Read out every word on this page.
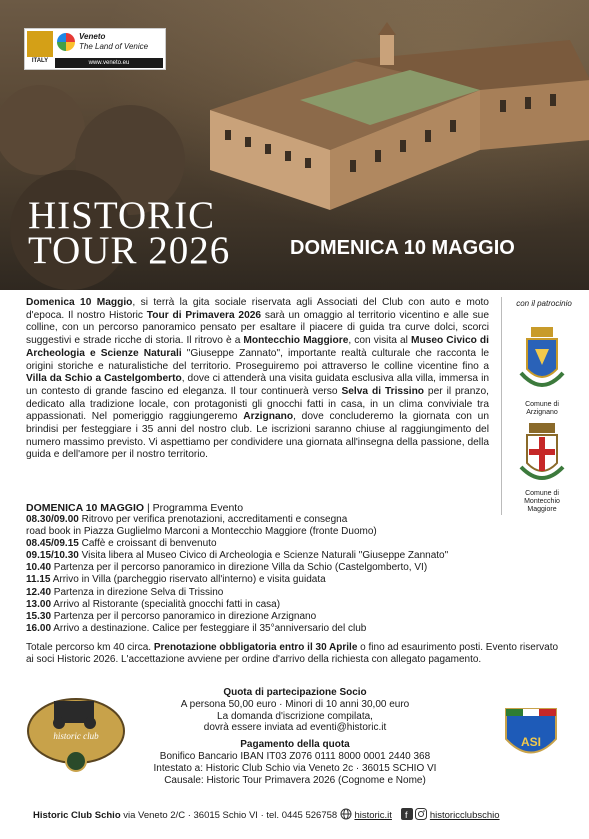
ITALY
Veneto
The Land of Venice
www.veneto.eu
HISTORIC
TOUR 2026	DOMENICA 10 MAGGIO
Domenica 10 Maggio, si terrà la gita sociale riservata agli Associati del Club con auto e moto d'epoca. Il nostro Historic Tour di Primavera 2026 sarà un omaggio al territorio vicentino e alle sue colline, con un percorso panoramico pensato per esaltare il piacere di guida tra curve dolci, scorci suggestivi e strade ricche di storia. Il ritrovo è a Montecchio Maggiore, con visita al Museo Civico di Archeologia e Scienze Naturali "Giuseppe Zannato", importante realtà culturale che racconta le origini storiche e naturalistiche del territorio. Proseguiremo poi attraverso le colline vicentine fino a Villa da Schio a Castelgomberto, dove ci attenderà una visita guidata esclusiva alla villa, immersa in un contesto di grande fascino ed eleganza. Il tour continuerà verso Selva di Trissino per il pranzo, dedicato alla tradizione locale, con protagonisti gli gnocchi fatti in casa, in un clima conviviale tra appassionati. Nel pomeriggio raggiungeremo Arzignano, dove concluderemo la giornata con un brindisi per festeggiare i 35 anni del nostro club. Le iscrizioni saranno chiuse al raggiungimento del numero massimo previsto. Vi aspettiamo per condividere una giornata all'insegna della passione, della guida e dell'amore per il nostro territorio.
con il patrocinio
Comune di Arzignano
Comune di Montecchio Maggiore
DOMENICA 10 MAGGIO | Programma Evento
08.30/09.00 Ritrovo per verifica prenotazioni, accreditamenti e consegna
road book in Piazza Guglielmo Marconi a Montecchio Maggiore (fronte Duomo)
08.45/09.15 Caffè e croissant di benvenuto
09.15/10.30 Visita libera al Museo Civico di Archeologia e Scienze Naturali "Giuseppe Zannato"
10.40 Partenza per il percorso panoramico in direzione Villa da Schio (Castelgomberto, VI)
11.15 Arrivo in Villa (parcheggio riservato all'interno) e visita guidata
12.40 Partenza in direzione Selva di Trissino
13.00 Arrivo al Ristorante (specialità gnocchi fatti in casa)
15.30 Partenza per il percorso panoramico in direzione Arzignano
16.00 Arrivo a destinazione. Calice per festeggiare il 35°anniversario del club
Totale percorso km 40 circa. Prenotazione obbligatoria entro il 30 Aprile o fino ad esaurimento posti. Evento riservato ai soci Historic 2026. L'accettazione avviene per ordine d'arrivo della richiesta con allegato pagamento.
historic club
Quota di partecipazione Socio
A persona 50,00 euro · Minori di 10 anni 30,00 euro
La domanda d'iscrizione compilata,
dovrà essere inviata ad eventi@historic.it
Pagamento della quota
Bonifico Bancario IBAN IT03 Z076 0111 8000 0001 2440 368
Intestato a: Historic Club Schio via Veneto 2c · 36015 SCHIO VI
Causale: Historic Tour Primavera 2026 (Cognome e Nome)
ASI
Historic Club Schio via Veneto 2/C · 36015 Schio VI · tel. 0445 526758  historic.it f historicclubschio
